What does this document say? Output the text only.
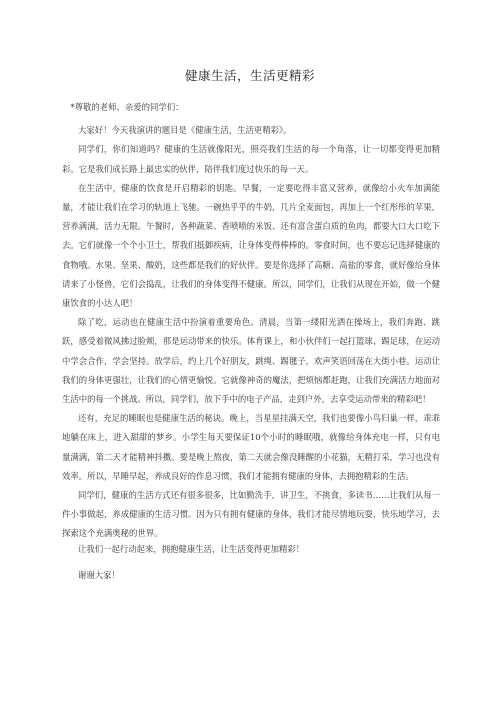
健康生活，生活更精彩

*尊敬的老师、亲爱的同学们：

大家好！今天我演讲的题目是《健康生活，生活更精彩》。

同学们，你们知道吗？健康的生活就像阳光，照亮我们生活的每一个角落，让一切都变得更加精彩。它是我们成长路上最忠实的伙伴，陪伴我们度过快乐的每一天。

在生活中，健康的饮食是开启精彩的钥匙。早餐，一定要吃得丰富又营养，就像给小火车加满能量，才能让我们在学习的轨道上飞驰。一碗热乎乎的牛奶，几片全麦面包，再加上一个红彤彤的苹果，营养满满，活力无限。午餐时，各种蔬菜、香喷喷的米饭、还有富含蛋白质的鱼肉，都要大口大口吃下去。它们就像一个个小卫士，帮我们抵御疾病，让身体变得棒棒的。零食时间，也不要忘记选择健康的食物哦。水果、坚果、酸奶，这些都是我们的好伙伴。要是你选择了高糖、高盐的零食，就好像给身体请来了小怪兽，它们会捣乱，让我们的身体变得不健康。所以，同学们，让我们从现在开始，做一个健康饮食的小达人吧！

除了吃，运动也在健康生活中扮演着重要角色。清晨，当第一缕阳光洒在操场上，我们奔跑、跳跃，感受着微风拂过脸颊，那是运动带来的快乐。体育课上，和小伙伴们一起打篮球、踢足球，在运动中学会合作，学会坚持。放学后，约上几个好朋友，跳绳、踢毽子，欢声笑语回荡在大街小巷。运动让我们的身体更强壮，让我们的心情更愉悦。它就像神奇的魔法，把烦恼都赶跑，让我们充满活力地面对生活中的每一个挑战。所以，同学们，放下手中的电子产品，走到户外，去享受运动带来的精彩吧！

还有，充足的睡眠也是健康生活的秘诀。晚上，当星星挂满天空，我们也要像小鸟归巢一样，乖乖地躺在床上，进入甜甜的梦乡。小学生每天要保证10个小时的睡眠哦，就像给身体充电一样，只有电量满满，第二天才能精神抖擞。要是晚上熬夜，第二天就会像没睡醒的小花猫，无精打采，学习也没有效率。所以，早睡早起，养成良好的作息习惯，我们才能拥有健康的身体，去拥抱精彩的生活。

同学们，健康的生活方式还有很多很多，比如勤洗手，讲卫生，不挑食，多读书……让我们从每一件小事做起，养成健康的生活习惯。因为只有拥有健康的身体，我们才能尽情地玩耍，快乐地学习，去探索这个充满奥秘的世界。

让我们一起行动起来，拥抱健康生活，让生活变得更加精彩！

谢谢大家！
